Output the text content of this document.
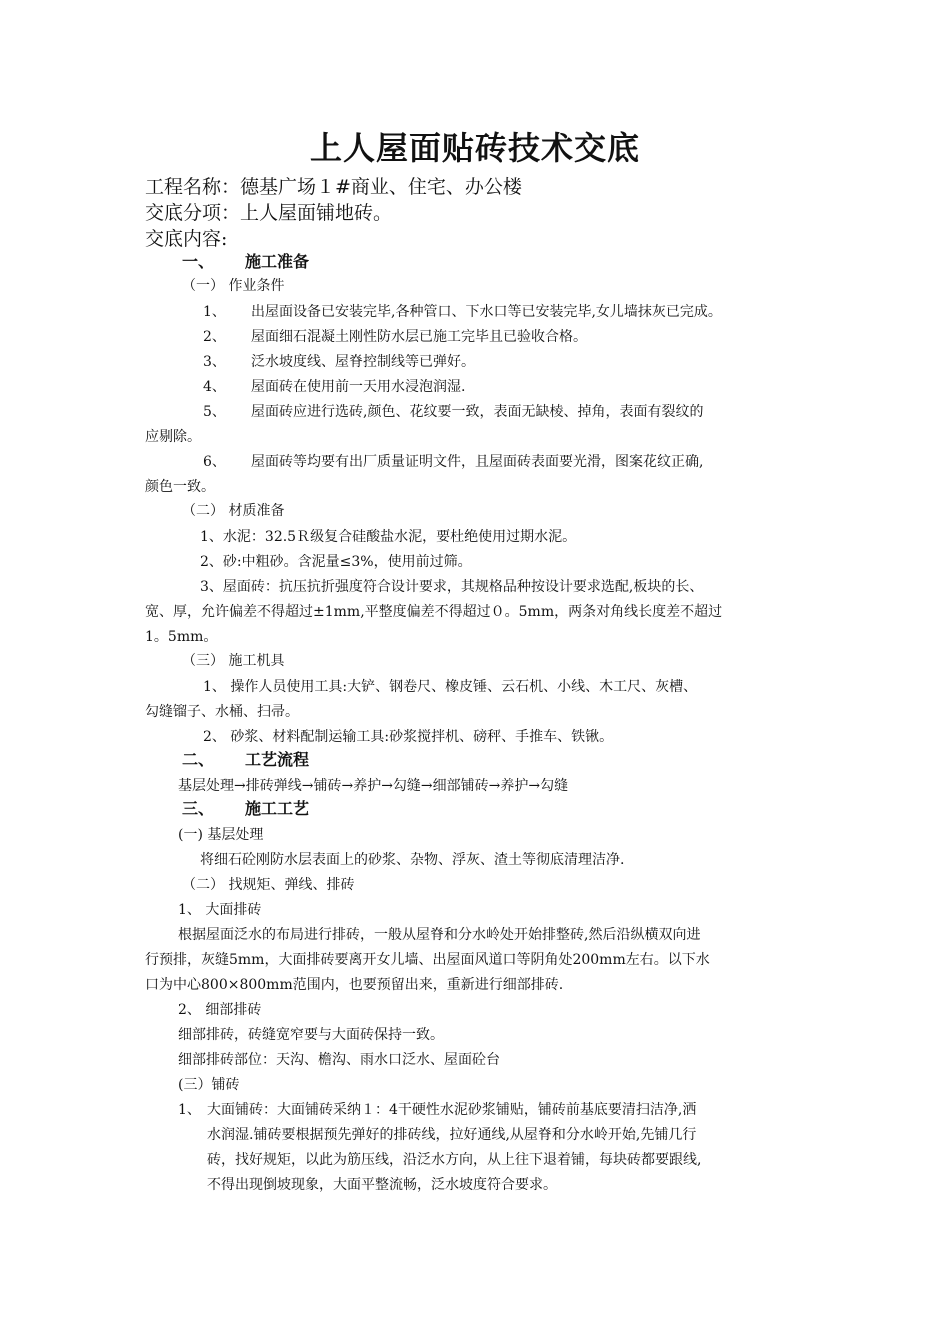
上人屋面贴砖技术交底
工程名称：德基广场１#商业、住宅、办公楼
交底分项：上人屋面铺地砖。
交底内容:
一、 施工准备
（一） 作业条件
1、 出屋面设备已安装完毕,各种管口、下水口等已安装完毕,女儿墙抹灰已完成。
2、 屋面细石混凝土刚性防水层已施工完毕且已验收合格。
3、 泛水坡度线、屋脊控制线等已弹好。
4、 屋面砖在使用前一天用水浸泡润湿.
5、 屋面砖应进行选砖,颜色、花纹要一致，表面无缺棱、掉角，表面有裂纹的
应剔除。
6、 屋面砖等均要有出厂质量证明文件，且屋面砖表面要光滑，图案花纹正确,
颜色一致。
（二） 材质准备
1、水泥：32.5Ｒ级复合硅酸盐水泥，要杜绝使用过期水泥。
2、砂:中粗砂。含泥量≤3%，使用前过筛。
3、屋面砖：抗压抗折强度符合设计要求，其规格品种按设计要求选配,板块的长、
宽、厚，允许偏差不得超过±1mm,平整度偏差不得超过０。5mm，两条对角线长度差不超过
1。5mm。
（三） 施工机具
1、 操作人员使用工具:大铲、钢卷尺、橡皮锤、云石机、小线、木工尺、灰槽、
勾缝镏子、水桶、扫帚。
2、 砂浆、材料配制运输工具:砂浆搅拌机、磅秤、手推车、铁锹。
二、 工艺流程
基层处理→排砖弹线→铺砖→养护→勾缝→细部铺砖→养护→勾缝
三、 施工工艺
(一) 基层处理
将细石砼刚防水层表面上的砂浆、杂物、浮灰、渣土等彻底清理洁净.
（二） 找规矩、弹线、排砖
1、 大面排砖
根据屋面泛水的布局进行排砖，一般从屋脊和分水岭处开始排整砖,然后沿纵横双向进
行预排，灰缝5mm，大面排砖要离开女儿墙、出屋面风道口等阴角处200mm左右。以下水
口为中心800×800mm范围内，也要预留出来，重新进行细部排砖.
2、 细部排砖
细部排砖，砖缝宽窄要与大面砖保持一致。
细部排砖部位：天沟、檐沟、雨水口泛水、屋面砼台
(三）铺砖
1、 大面铺砖：大面铺砖采纳１：4干硬性水泥砂浆铺贴，铺砖前基底要清扫洁净,洒
水润湿.铺砖要根据预先弹好的排砖线，拉好通线,从屋脊和分水岭开始,先铺几行
砖，找好规矩，以此为筋压线，沿泛水方向，从上往下退着铺，每块砖都要跟线,
不得出现倒坡现象，大面平整流畅，泛水坡度符合要求。
